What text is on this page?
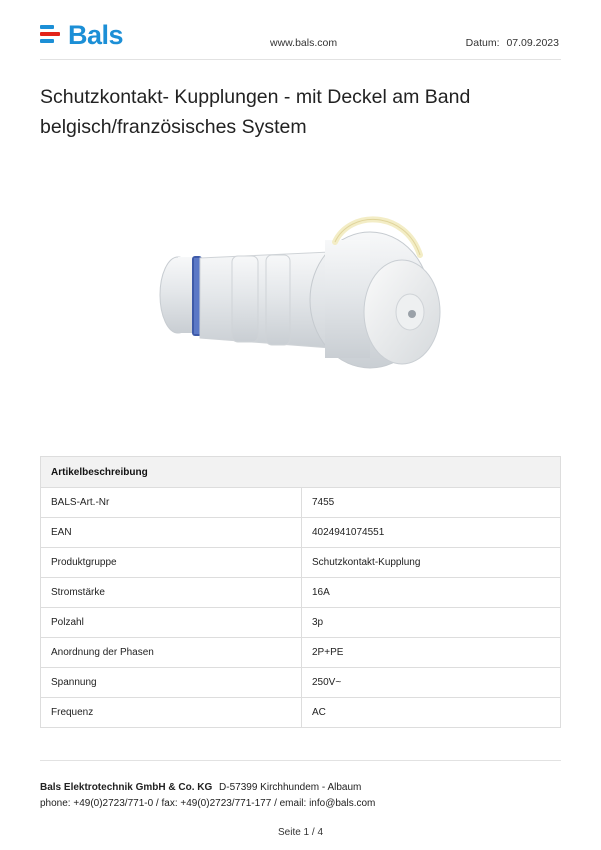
Bals	www.bals.com	Datum: 07.09.2023
Schutzkontakt- Kupplungen - mit Deckel am Band
belgisch/französisches System
Artikelbeschreibung	
BALS-Art.-Nr	7455
EAN	4024941074551
Produktgruppe	Schutzkontakt-Kupplung
Stromstärke	16A
Polzahl	3p
Anordnung der Phasen	2P+PE
Spannung	250V~
Frequenz	AC
Bals Elektrotechnik GmbH & Co. KG D-57399 Kirchhundem - Albaum
phone: +49(0)2723/771-0 / fax: +49(0)2723/771-177 / email: info@bals.com
Seite 1 / 4
